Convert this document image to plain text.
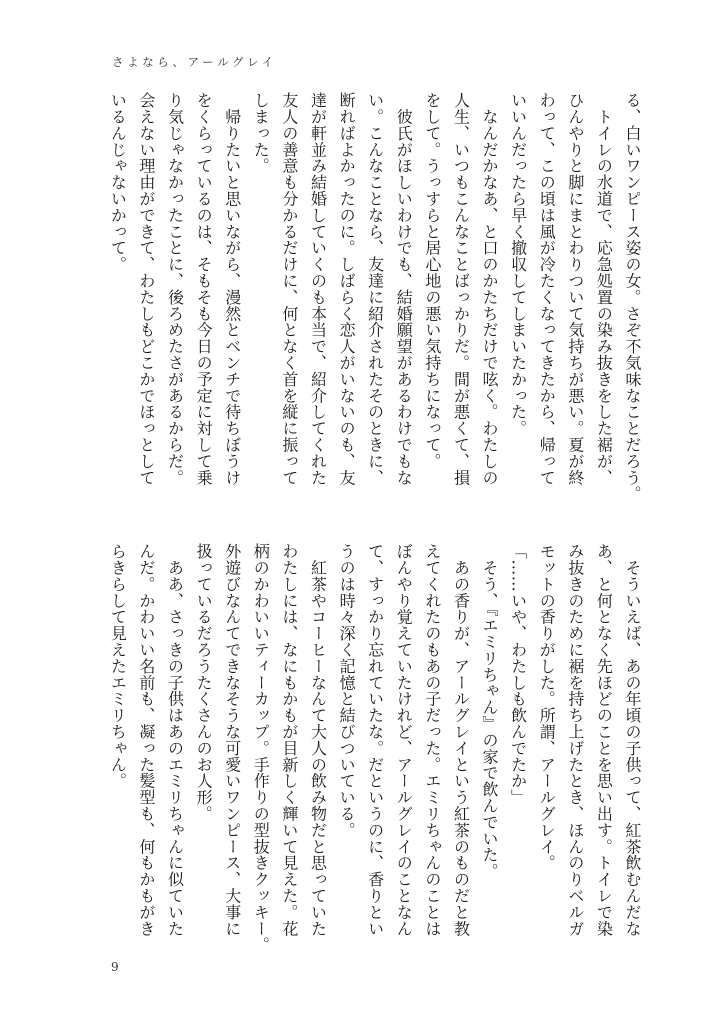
さよなら、アールグレイ
る、白いワンピース姿の女。さぞ不気味なことだろう。
　トイレの水道で、応急処置の染み抜きをした裾が、
ひんやりと脚にまとわりついて気持ちが悪い。夏が終
わって、この頃は風が冷たくなってきたから、帰って
いいんだったら早く撤収してしまいたかった。
　なんだかなあ、と口のかたちだけで呟く。わたしの
人生、いつもこんなことばっかりだ。間が悪くて、損
をして。うっすらと居心地の悪い気持ちになって。
　彼氏がほしいわけでも、結婚願望があるわけでもな
い。こんなことなら、友達に紹介されたそのときに、
断ればよかったのに。しばらく恋人がいないのも、友
達が軒並み結婚していくのも本当で、紹介してくれた
友人の善意も分かるだけに、何となく首を縦に振って
しまった。
　帰りたいと思いながら、漫然とベンチで待ちぼうけ
をくらっているのは、そもそも今日の予定に対して乗
り気じゃなかったことに、後ろめたさがあるからだ。
会えない理由ができて、わたしもどこかでほっとして
いるんじゃないかって。
　そういえば、あの年頃の子供って、紅茶飲むんだな
あ、と何となく先ほどのことを思い出す。トイレで染
み抜きのために裾を持ち上げたとき、ほんのりベルガ
モットの香りがした。所謂、アールグレイ。
「……いや、わたしも飲んでたか」
　そう、『エミリちゃん』の家で飲んでいた。
　あの香りが、アールグレイという紅茶のものだと教
えてくれたのもあの子だった。エミリちゃんのことは
ぼんやり覚えていたけれど、アールグレイのことなん
て、すっかり忘れていたな。だというのに、香りとい
うのは時々深く記憶と結びついている。
　紅茶やコーヒーなんて大人の飲み物だと思っていた
わたしには、なにもかもが目新しく輝いて見えた。花
柄のかわいいティーカップ。手作りの型抜きクッキー。
外遊びなんてできなそうな可愛いワンピース、大事に
扱っているだろうたくさんのお人形。
　ああ、さっきの子供はあのエミリちゃんに似ていた
んだ。かわいい名前も、凝った髪型も、何もかもがき
らきらして見えたエミリちゃん。
9
